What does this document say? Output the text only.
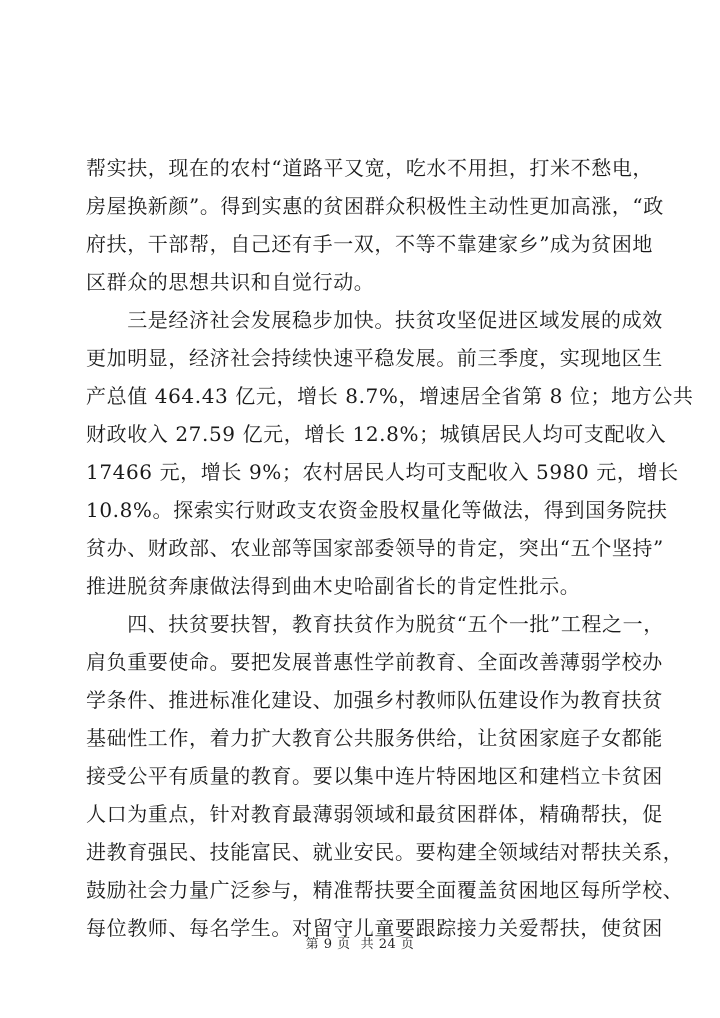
帮实扶，现在的农村“道路平又宽，吃水不用担，打米不愁电，
房屋换新颜”。得到实惠的贫困群众积极性主动性更加高涨，“政
府扶，干部帮，自己还有手一双，不等不靠建家乡”成为贫困地
区群众的思想共识和自觉行动。
　　三是经济社会发展稳步加快。扶贫攻坚促进区域发展的成效
更加明显，经济社会持续快速平稳发展。前三季度，实现地区生
产总值 464.43 亿元，增长 8.7%，增速居全省第 8 位；地方公共
财政收入 27.59 亿元，增长 12.8%；城镇居民人均可支配收入
17466 元，增长 9%；农村居民人均可支配收入 5980 元，增长
10.8%。探索实行财政支农资金股权量化等做法，得到国务院扶
贫办、财政部、农业部等国家部委领导的肯定，突出“五个坚持”
推进脱贫奔康做法得到曲木史哈副省长的肯定性批示。
　　四、扶贫要扶智，教育扶贫作为脱贫“五个一批”工程之一，
肩负重要使命。要把发展普惠性学前教育、全面改善薄弱学校办
学条件、推进标准化建设、加强乡村教师队伍建设作为教育扶贫
基础性工作，着力扩大教育公共服务供给，让贫困家庭子女都能
接受公平有质量的教育。要以集中连片特困地区和建档立卡贫困
人口为重点，针对教育最薄弱领域和最贫困群体，精确帮扶，促
进教育强民、技能富民、就业安民。要构建全领域结对帮扶关系，
鼓励社会力量广泛参与，精准帮扶要全面覆盖贫困地区每所学校、
每位教师、每名学生。对留守儿童要跟踪接力关爱帮扶，使贫困
第 9 页 共 24 页
